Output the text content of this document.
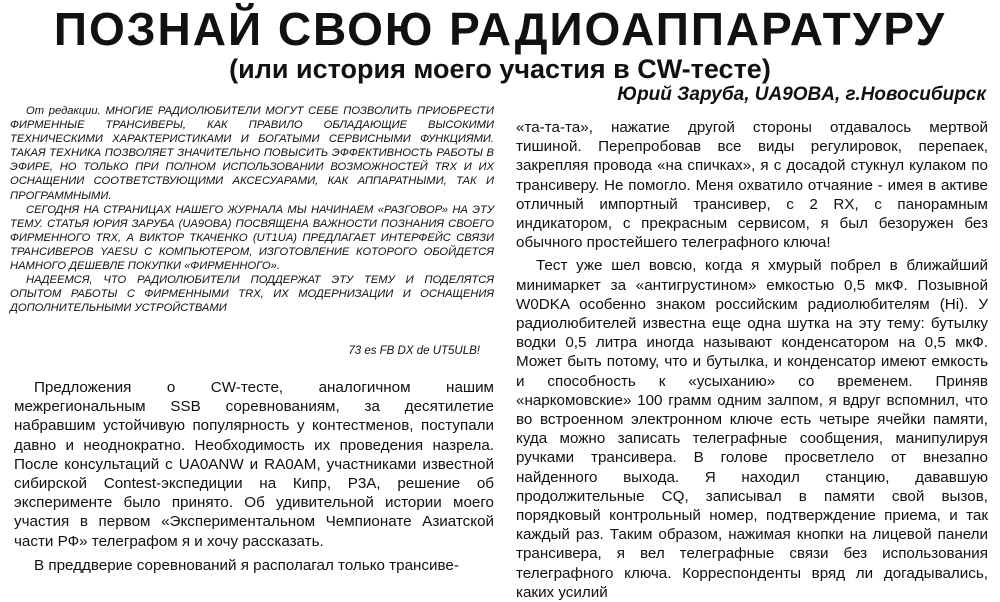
ПОЗНАЙ СВОЮ РАДИОАППАРАТУРУ
(или история моего участия в CW-тесте)
Юрий Заруба, UA9OBA, г.Новосибирск

От редакции. МНОГИЕ РАДИОЛЮБИТЕЛИ МОГУТ СЕБЕ ПОЗВОЛИТЬ ПРИОБРЕСТИ ФИРМЕННЫЕ ТРАНСИВЕРЫ, КАК ПРАВИЛО ОБЛАДАЮЩИЕ ВЫСОКИМИ ТЕХНИЧЕСКИМИ ХАРАКТЕРИСТИКАМИ И БОГАТЫМИ СЕРВИСНЫМИ ФУНКЦИЯМИ. ТАКАЯ ТЕХНИКА ПОЗВОЛЯЕТ ЗНАЧИТЕЛЬНО ПОВЫСИТЬ ЭФФЕКТИВНОСТЬ РАБОТЫ В ЭФИРЕ, НО ТОЛЬКО ПРИ ПОЛНОМ ИСПОЛЬЗОВАНИИ ВОЗМОЖНОСТЕЙ TRX И ИХ ОСНАЩЕНИИ СООТВЕТСТВУЮЩИМИ АКСЕСУАРАМИ, КАК АППАРАТНЫМИ, ТАК И ПРОГРАММНЫМИ.

СЕГОДНЯ НА СТРАНИЦАХ НАШЕГО ЖУРНАЛА МЫ НАЧИНАЕМ «РАЗГОВОР» НА ЭТУ ТЕМУ. СТАТЬЯ ЮРИЯ ЗАРУБА (UA9OBA) ПОСВЯЩЕНА ВАЖНОСТИ ПОЗНАНИЯ СВОЕГО ФИРМЕННОГО TRX, А ВИКТОР ТКАЧЕНКО (UT1UA) ПРЕДЛАГАЕТ ИНТЕРФЕЙС СВЯЗИ ТРАНСИВЕРОВ YAESU С КОМПЬЮТЕРОМ, ИЗГОТОВЛЕНИЕ КОТОРОГО ОБОЙДЕТСЯ НАМНОГО ДЕШЕВЛЕ ПОКУПКИ «ФИРМЕННОГО».

НАДЕЕМСЯ, ЧТО РАДИОЛЮБИТЕЛИ ПОДДЕРЖАТ ЭТУ ТЕМУ И ПОДЕЛЯТСЯ ОПЫТОМ РАБОТЫ С ФИРМЕННЫМИ TRX, ИХ МОДЕРНИЗАЦИИ И ОСНАЩЕНИЯ ДОПОЛНИТЕЛЬНЫМИ УСТРОЙСТВАМИ

73 es FB DX de UT5ULB!

Предложения о CW-тесте, аналогичном нашим межрегиональным SSB соревнованиям, за десятилетие набравшим устойчивую популярность у контестменов, поступали давно и неоднократно. Необходимость их проведения назрела. После консультаций с UA0ANW и RA0AM, участниками известной сибирской Contest-экспедиции на Кипр, P3A, решение об эксперименте было принято. Об удивительной истории моего участия в первом «Экспериментальном Чемпионате Азиатской части РФ» телеграфом я и хочу рассказать.

В преддверие соревнований я располагал только трансиве-

«та-та-та», нажатие другой стороны отдавалось мертвой тишиной. Перепробовав все виды регулировок, перепаек, закрепляя провода «на спичках», я с досадой стукнул кулаком по трансиверу. Не помогло. Меня охватило отчаяние - имея в активе отличный импортный трансивер, с 2 RX, с панорамным индикатором, с прекрасным сервисом, я был безоружен без обычного простейшего телеграфного ключа!

Тест уже шел вовсю, когда я хмурый побрел в ближайший минимаркет за «антигрустином» емкостью 0,5 мкФ. Позывной W0DKA особенно знаком российским радиолюбителям (Hi). У радиолюбителей известна еще одна шутка на эту тему: бутылку водки 0,5 литра иногда называют конденсатором на 0,5 мкФ. Может быть потому, что и бутылка, и конденсатор имеют емкость и способность к «усыханию» со временем. Приняв «наркомовские» 100 грамм одним залпом, я вдруг вспомнил, что во встроенном электронном ключе есть четыре ячейки памяти, куда можно записать телеграфные сообщения, манипулируя ручками трансивера. В голове просветлело от внезапно найденного выхода. Я находил станцию, дававшую продолжительные CQ, записывал в памяти свой вызов, порядковый контрольный номер, подтверждение приема, и так каждый раз. Таким образом, нажимая кнопки на лицевой панели трансивера, я вел телеграфные связи без использования телеграфного ключа. Корреспонденты вряд ли догадывались, каких усилий
